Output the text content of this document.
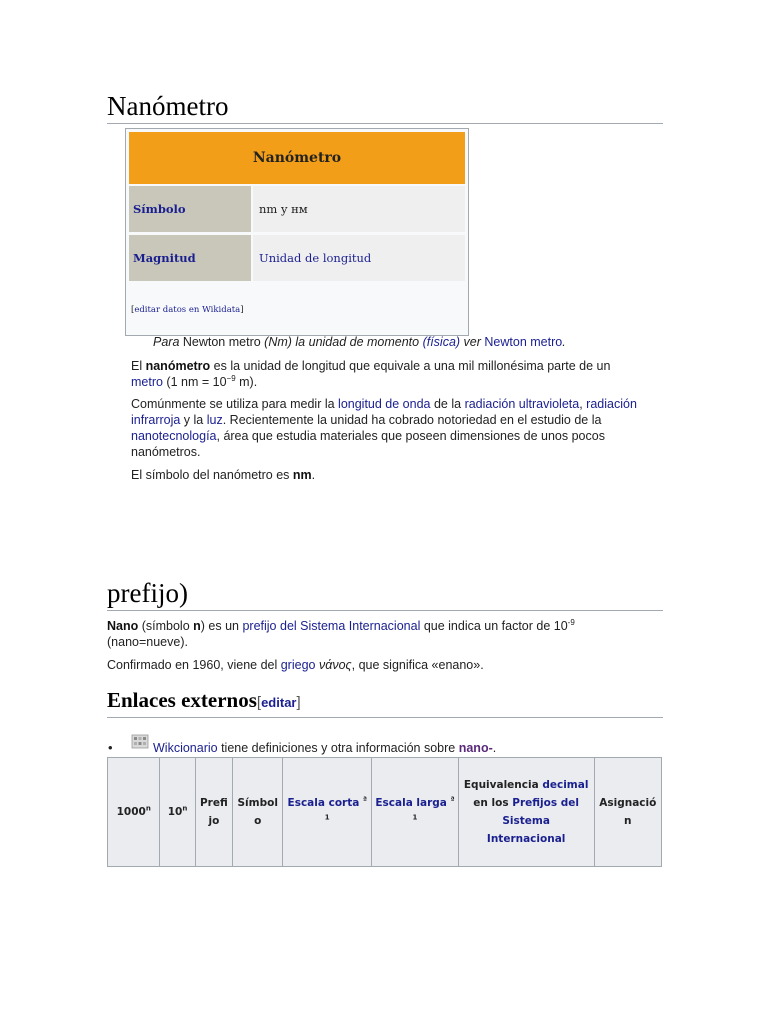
Nanómetro
Nanómetro
Símbolo	nm y нм
Magnitud	Unidad de longitud
[editar datos en Wikidata]
Para Newton metro (Nm) la unidad de momento (física) ver Newton metro.
El nanómetro es la unidad de longitud que equivale a una mil millonésima parte de un metro (1 nm = $10^{-9}$ m).
Comúnmente se utiliza para medir la longitud de onda de la radiación ultravioleta, radiación infrarroja y la luz. Recientemente la unidad ha cobrado notoriedad en el estudio de la nanotecnología, área que estudia materiales que poseen dimensiones de unos pocos nanómetros.
El símbolo del nanómetro es nm.
prefijo)
Nano (símbolo n) es un prefijo del Sistema Internacional que indica un factor de $10^{-9}$ (nano=nueve).
Confirmado en 1960, viene del griego νάνος, que significa «enano».
Enlaces externos[editar]
•	Wikcionario tiene definiciones y otra información sobre nano-.
1000$^n$	10$^n$	Prefijo	Símbolo	Escala corta $^{ª 1}$	Escala larga $^{ª 1}$	Equivalencia decimal en los Prefijos del Sistema Internacional	Asignación
